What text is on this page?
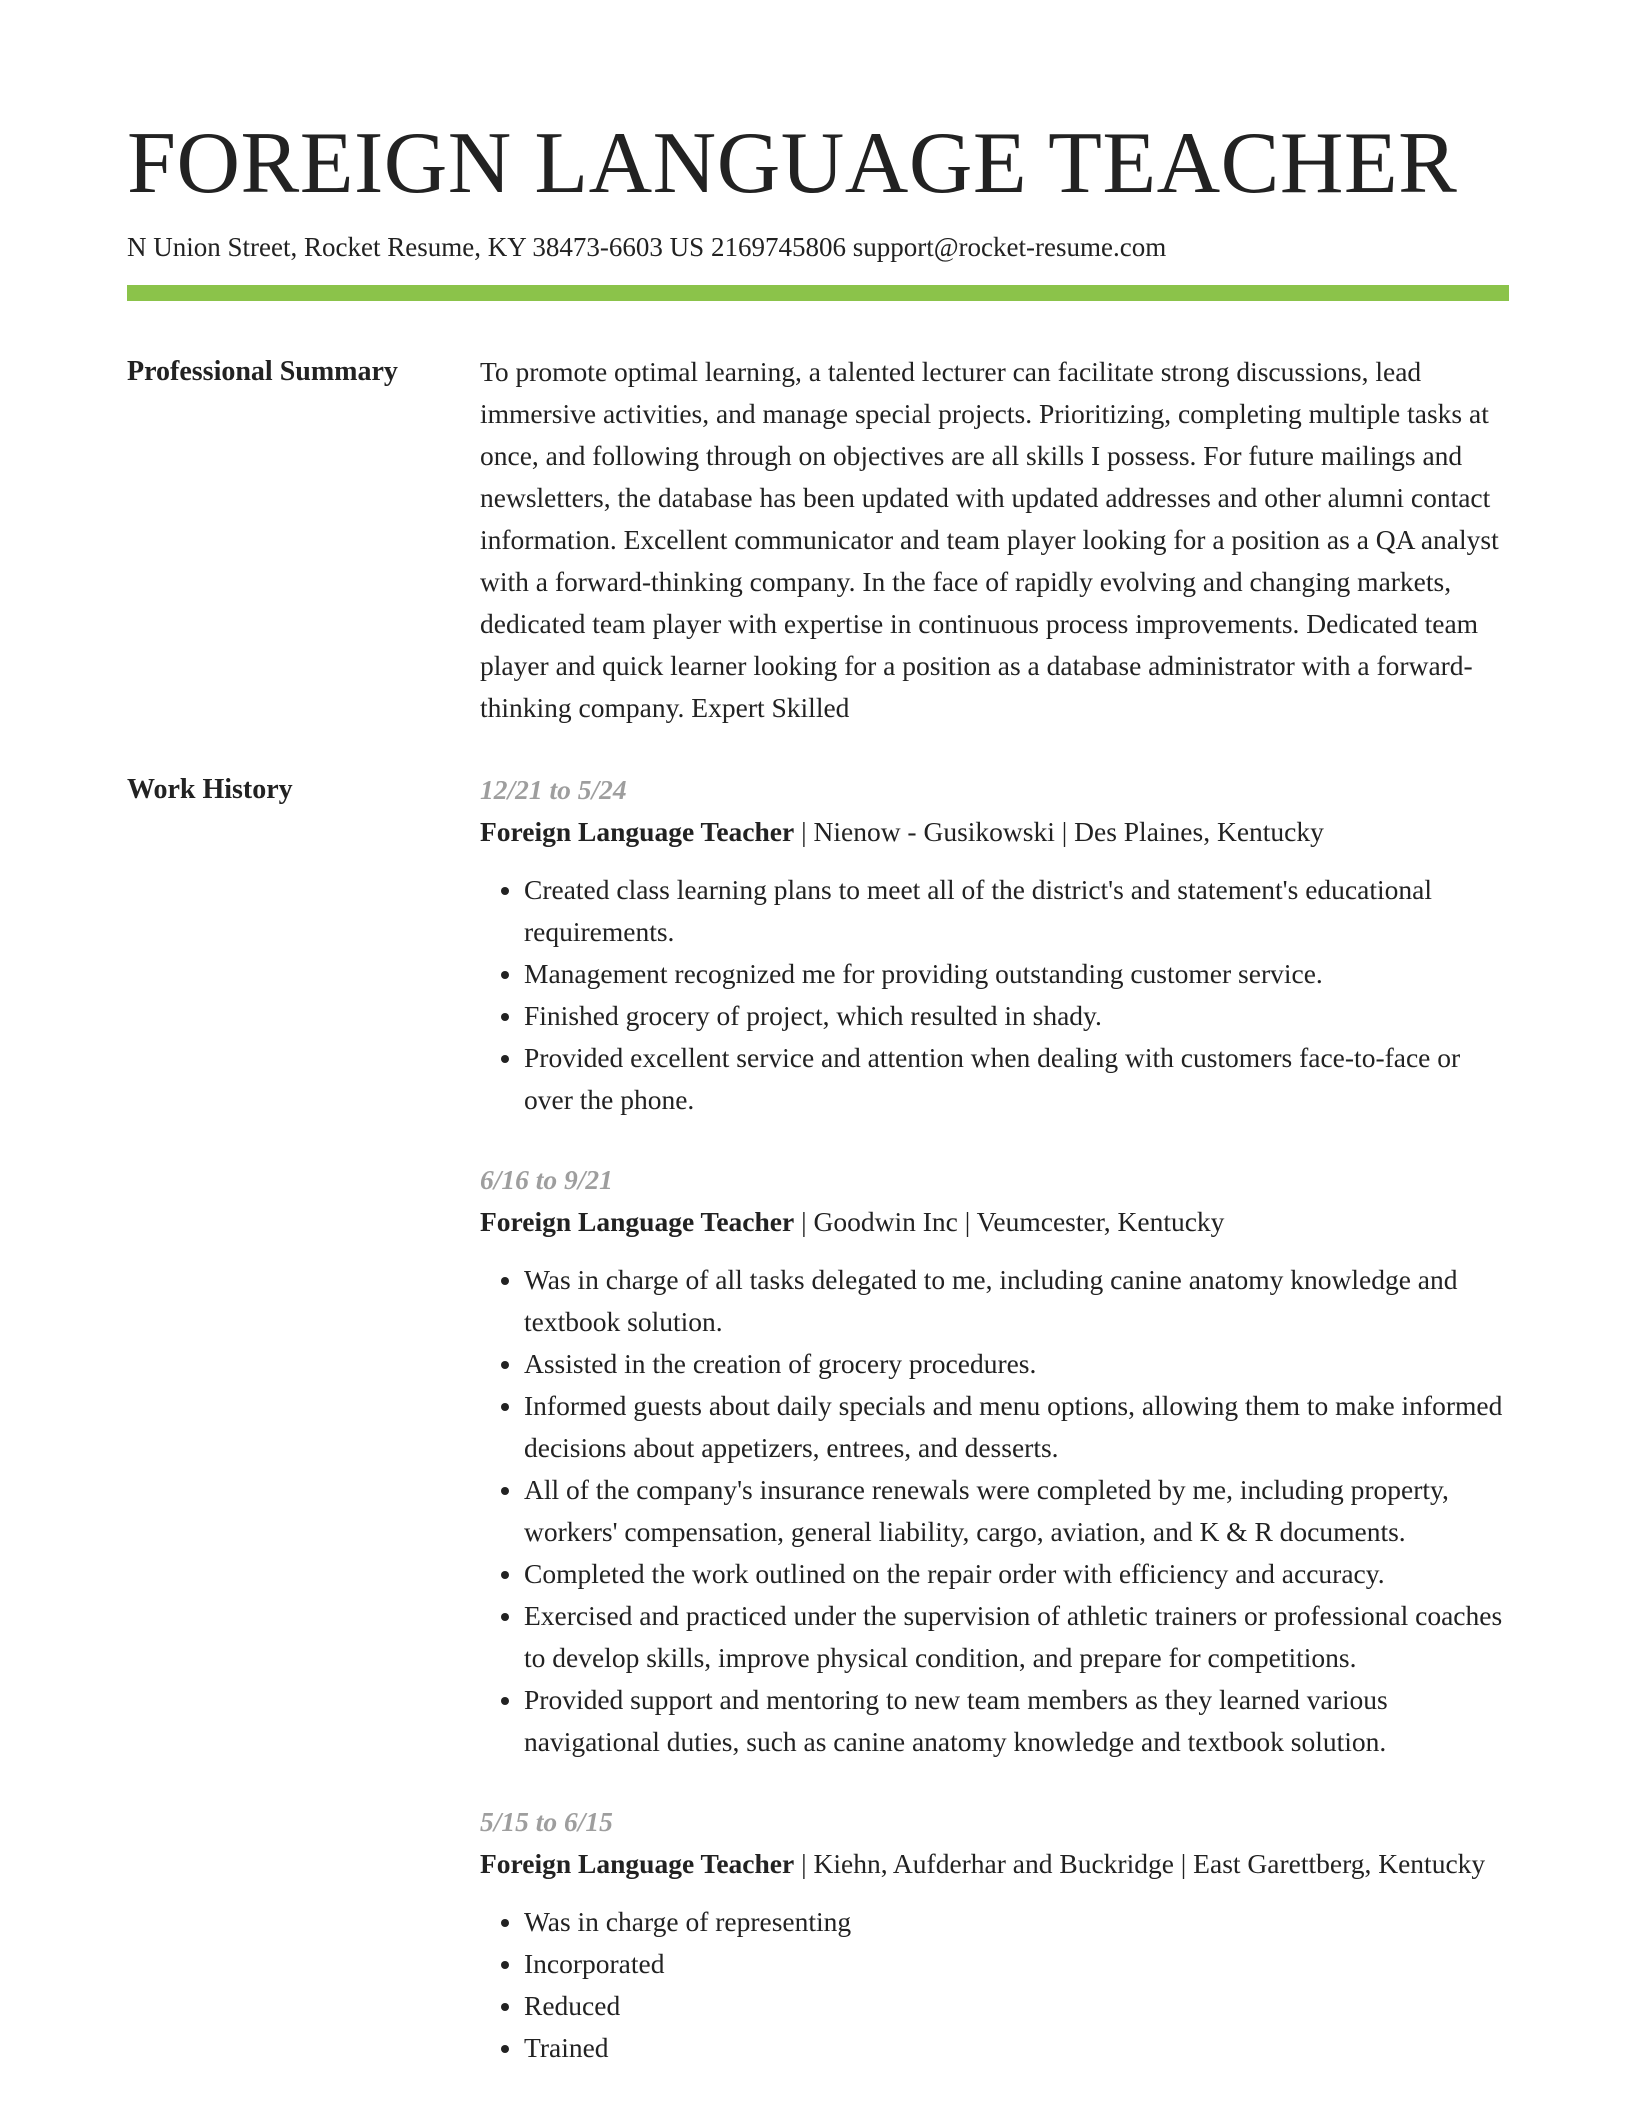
FOREIGN LANGUAGE TEACHER
N Union Street, Rocket Resume, KY 38473-6603 US 2169745806 support@rocket-resume.com
Professional Summary	To promote optimal learning, a talented lecturer can facilitate strong discussions, lead immersive activities, and manage special projects. Prioritizing, completing multiple tasks at once, and following through on objectives are all skills I possess. For future mailings and newsletters, the database has been updated with updated addresses and other alumni contact information. Excellent communicator and team player looking for a position as a QA analyst with a forward-thinking company. In the face of rapidly evolving and changing markets, dedicated team player with expertise in continuous process improvements. Dedicated team player and quick learner looking for a position as a database administrator with a forward-thinking company. Expert Skilled

Work History	12/21 to 5/24
Foreign Language Teacher | Nienow - Gusikowski | Des Plaines, Kentucky
• Created class learning plans to meet all of the district's and statement's educational requirements.
• Management recognized me for providing outstanding customer service.
• Finished grocery of project, which resulted in shady.
• Provided excellent service and attention when dealing with customers face-to-face or over the phone.
6/16 to 9/21
Foreign Language Teacher | Goodwin Inc | Veumcester, Kentucky
• Was in charge of all tasks delegated to me, including canine anatomy knowledge and textbook solution.
• Assisted in the creation of grocery procedures.
• Informed guests about daily specials and menu options, allowing them to make informed decisions about appetizers, entrees, and desserts.
• All of the company's insurance renewals were completed by me, including property, workers' compensation, general liability, cargo, aviation, and K & R documents.
• Completed the work outlined on the repair order with efficiency and accuracy.
• Exercised and practiced under the supervision of athletic trainers or professional coaches to develop skills, improve physical condition, and prepare for competitions.
• Provided support and mentoring to new team members as they learned various navigational duties, such as canine anatomy knowledge and textbook solution.
5/15 to 6/15
Foreign Language Teacher | Kiehn, Aufderhar and Buckridge | East Garettberg, Kentucky
• Was in charge of representing
• Incorporated
• Reduced
• Trained
